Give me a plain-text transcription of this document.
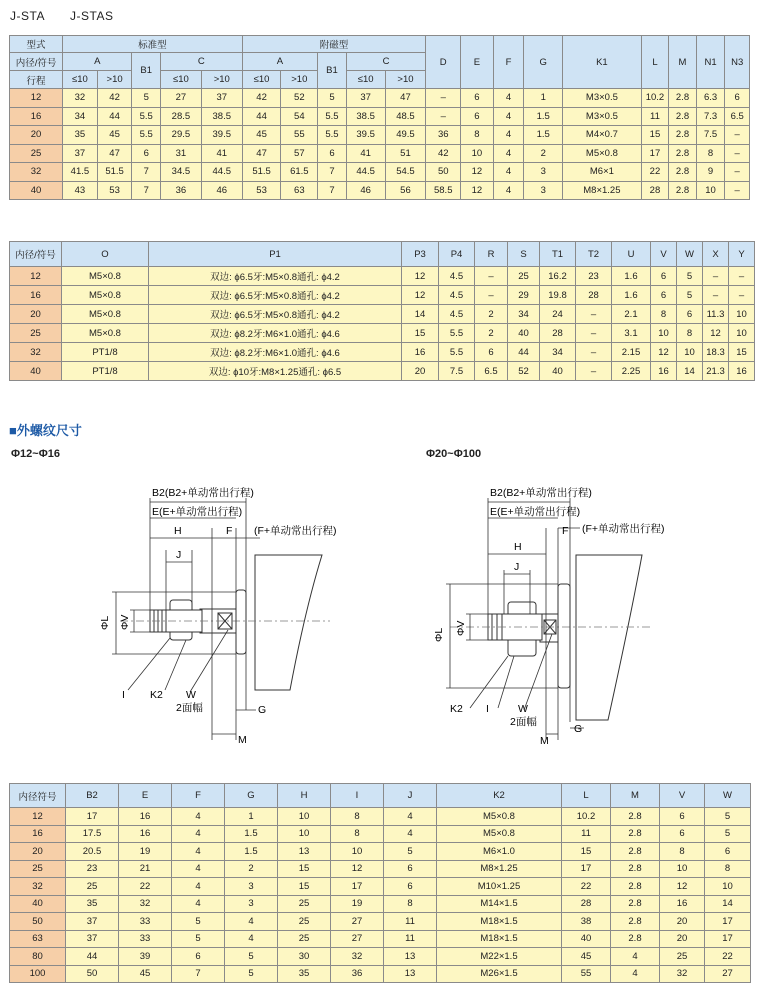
J-STA J-STAS
型式	标准型					附磁型					D	E	F	G	K1	L	M	N1	N3
内径/符号	A		B1	C		A		B1	C										
行程	≤10	>10		≤10	>10	≤10	>10		≤10	>10									
12	32	42	5	27	37	42	52	5	37	47	–	6	4	1	M3×0.5	10.2	2.8	6.3	6
16	34	44	5.5	28.5	38.5	44	54	5.5	38.5	48.5	–	6	4	1.5	M3×0.5	11	2.8	7.3	6.5
20	35	45	5.5	29.5	39.5	45	55	5.5	39.5	49.5	36	8	4	1.5	M4×0.7	15	2.8	7.5	–
25	37	47	6	31	41	47	57	6	41	51	42	10	4	2	M5×0.8	17	2.8	8	–
32	41.5	51.5	7	34.5	44.5	51.5	61.5	7	44.5	54.5	50	12	4	3	M6×1	22	2.8	9	–
40	43	53	7	36	46	53	63	7	46	56	58.5	12	4	3	M8×1.25	28	2.8	10	–
内径/符号	O	P1	P3	P4	R	S	T1	T2	U	V	W	X	Y
12	M5×0.8	双边: ϕ6.5牙:M5×0.8通孔: ϕ4.2	12	4.5	–	25	16.2	23	1.6	6	5	–	–
16	M5×0.8	双边: ϕ6.5牙:M5×0.8通孔: ϕ4.2	12	4.5	–	29	19.8	28	1.6	6	5	–	–
20	M5×0.8	双边: ϕ6.5牙:M5×0.8通孔: ϕ4.2	14	4.5	2	34	24	–	2.1	8	6	11.3	10
25	M5×0.8	双边: ϕ8.2牙:M6×1.0通孔: ϕ4.6	15	5.5	2	40	28	–	3.1	10	8	12	10
32	PT1/8	双边: ϕ8.2牙:M6×1.0通孔: ϕ4.6	16	5.5	6	44	34	–	2.15	12	10	18.3	15
40	PT1/8	双边: ϕ10牙:M8×1.25通孔: ϕ6.5	20	7.5	6.5	52	40	–	2.25	16	14	21.3	16
■外螺纹尺寸
Φ12~Φ16	Φ20~Φ100
B2(B2+单动常出行程)
E(E+单动常出行程)
H
J
F (F+单动常出行程)
ΦL ΦV
I K2 W
2面幅	G
M
B2(B2+单动常出行程)
E(E+单动常出行程)
H
J
F (F+单动常出行程)
ΦL ΦV
K2 I	W
2面幅
M
G
内径符号	B2	E	F	G	H	I	J	K2	L	M	V	W
12	17	16	4	1	10	8	4	M5×0.8	10.2	2.8	6	5
16	17.5	16	4	1.5	10	8	4	M5×0.8	11	2.8	6	5
20	20.5	19	4	1.5	13	10	5	M6×1.0	15	2.8	8	6
25	23	21	4	2	15	12	6	M8×1.25	17	2.8	10	8
32	25	22	4	3	15	17	6	M10×1.25	22	2.8	12	10
40	35	32	4	3	25	19	8	M14×1.5	28	2.8	16	14
50	37	33	5	4	25	27	11	M18×1.5	38	2.8	20	17
63	37	33	5	4	25	27	11	M18×1.5	40	2.8	20	17
80	44	39	6	5	30	32	13	M22×1.5	45	4	25	22
100	50	45	7	5	35	36	13	M26×1.5	55	4	32	27
